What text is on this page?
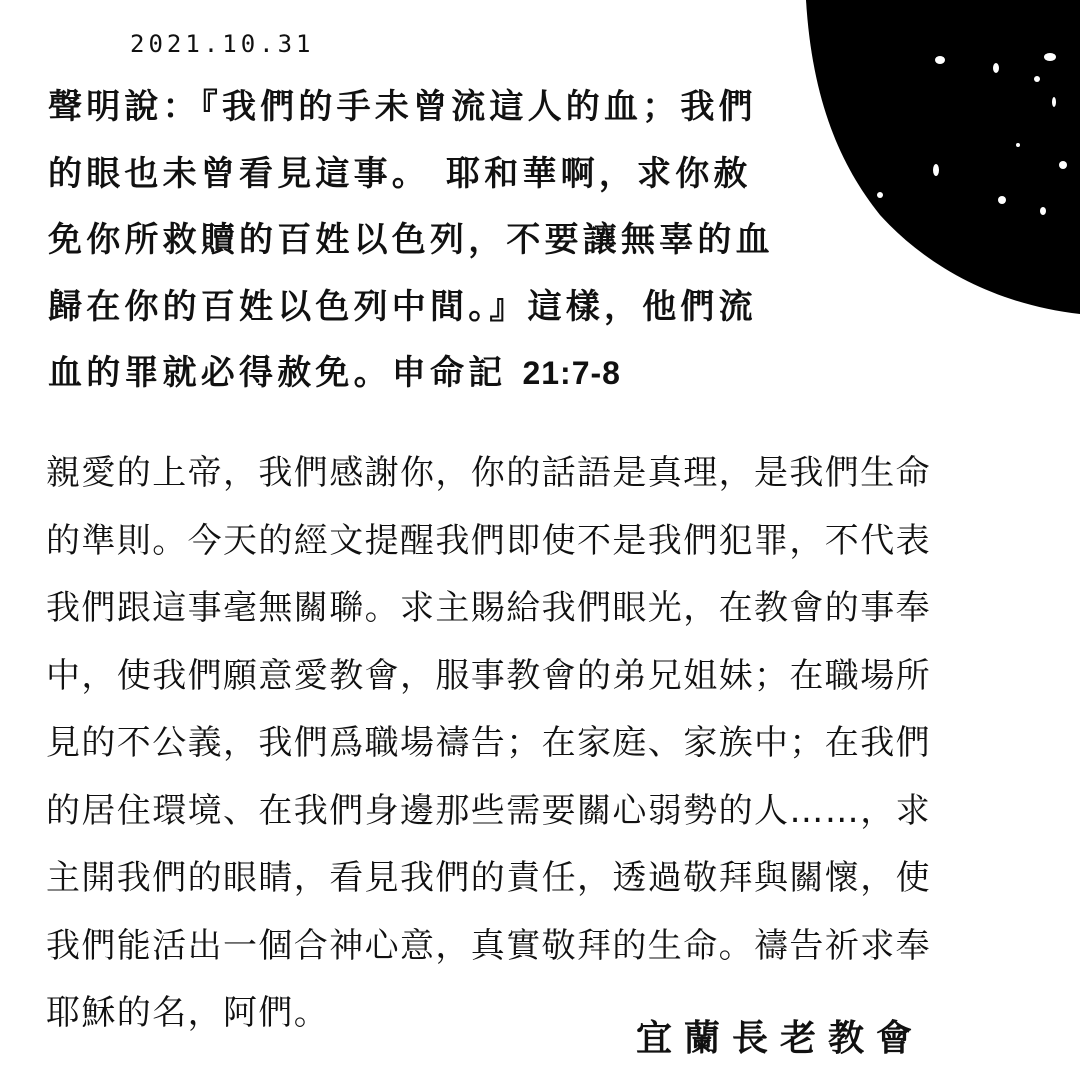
2021.10.31
聲明說：『我們的手未曾流這人的血；我們
的眼也未曾看見這事。 耶和華啊，求你赦
免你所救贖的百姓以色列，不要讓無辜的血
歸在你的百姓以色列中間。』這樣，他們流
血的罪就必得赦免。申命記 21:7-8
親愛的上帝，我們感謝你，你的話語是真理，是我們生命
的準則。今天的經文提醒我們即使不是我們犯罪，不代表
我們跟這事毫無關聯。求主賜給我們眼光，在教會的事奉
中，使我們願意愛教會，服事教會的弟兄姐妹；在職場所
見的不公義，我們爲職場禱告；在家庭、家族中；在我們
的居住環境、在我們身邊那些需要關心弱勢的人……，求
主開我們的眼睛，看見我們的責任，透過敬拜與關懷，使
我們能活出一個合神心意，真實敬拜的生命。禱告祈求奉
耶穌的名，阿們。
宜蘭長老教會
